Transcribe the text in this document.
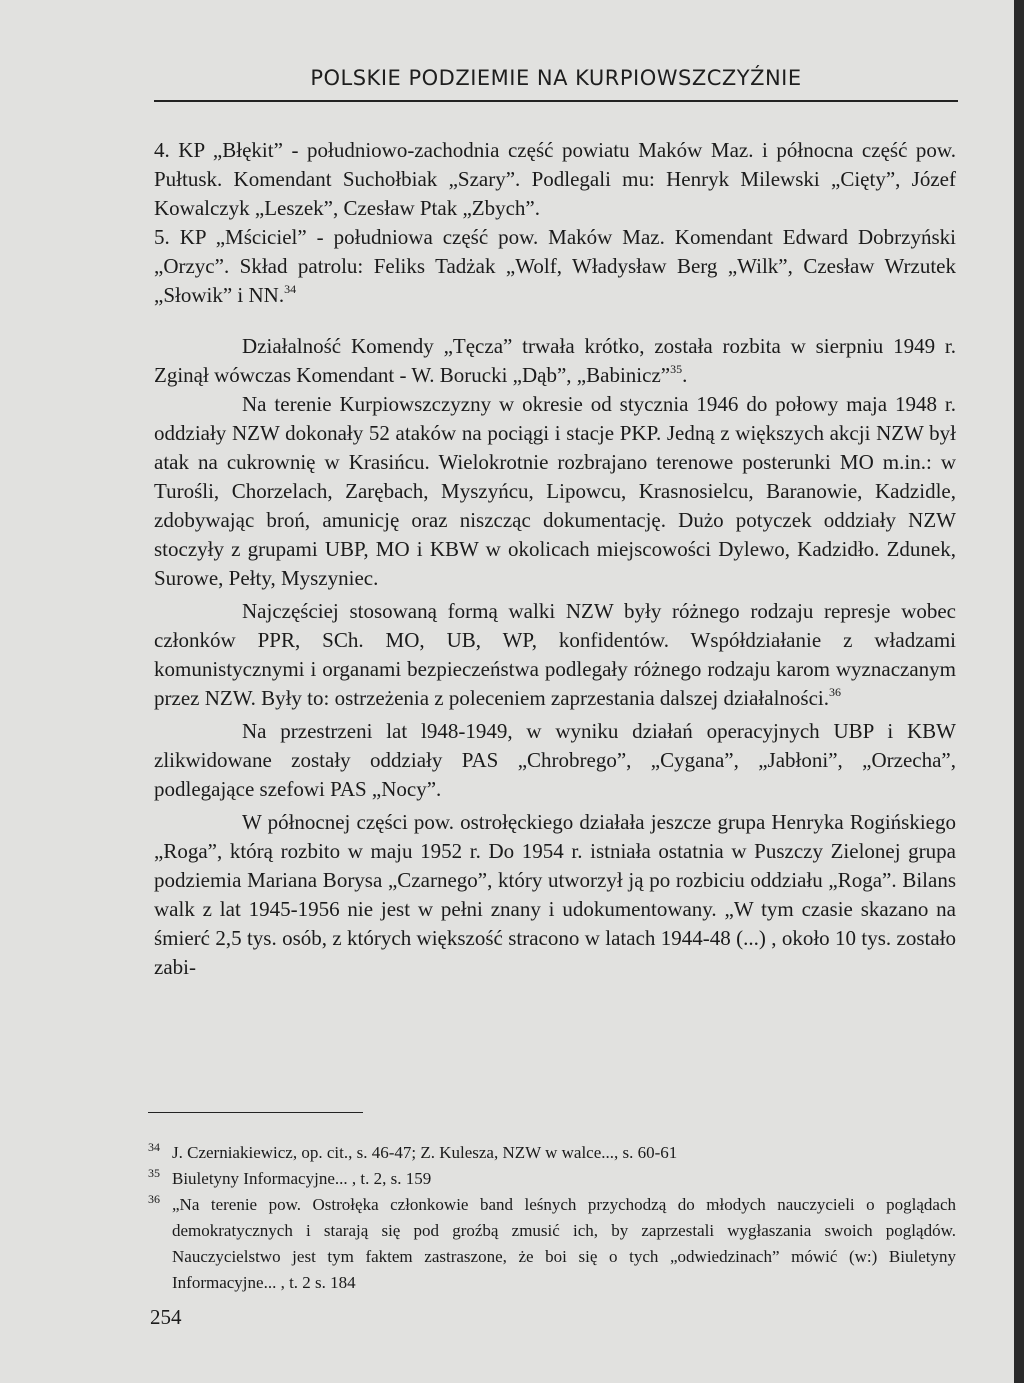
POLSKIE PODZIEMIE NA KURPIOWSZCZYŹNIE

4. KP „Błękit” - południowo-zachodnia część powiatu Maków Maz. i północna część pow. Pułtusk. Komendant Suchołbiak „Szary”. Podlegali mu: Henryk Milewski „Cięty”, Józef Kowalczyk „Leszek”, Czesław Ptak „Zbych”.

5. KP „Mściciel” - południowa część pow. Maków Maz. Komendant Edward Dobrzyński „Orzyc”. Skład patrolu: Feliks Tadżak „Wolf, Władysław Berg „Wilk”, Czesław Wrzutek „Słowik” i NN.$^{34}$

Działalność Komendy „Tęcza” trwała krótko, została rozbita w sierpniu 1949 r. Zginął wówczas Komendant - W. Borucki „Dąb”, „Babinicz”$^{35}$.

Na terenie Kurpiowszczyzny w okresie od stycznia 1946 do połowy maja 1948 r. oddziały NZW dokonały 52 ataków na pociągi i stacje PKP. Jedną z większych akcji NZW był atak na cukrownię w Krasińcu. Wielokrotnie rozbrajano terenowe posterunki MO m.in.: w Turośli, Chorzelach, Zarębach, Myszyńcu, Lipowcu, Krasnosielcu, Baranowie, Kadzidle, zdobywając broń, amunicję oraz niszcząc dokumentację. Dużo potyczek oddziały NZW stoczyły z grupami UBP, MO i KBW w okolicach miejscowości Dylewo, Kadzidło. Zdunek, Surowe, Pełty, Myszyniec.

Najczęściej stosowaną formą walki NZW były różnego rodzaju represje wobec członków PPR, SCh. MO, UB, WP, konfidentów. Współdziałanie z władzami komunistycznymi i organami bezpieczeństwa podlegały różnego rodzaju karom wyznaczanym przez NZW. Były to: ostrzeżenia z poleceniem zaprzestania dalszej działalności.$^{36}$

Na przestrzeni lat l948-1949, w wyniku działań operacyjnych UBP i KBW zlikwidowane zostały oddziały PAS „Chrobrego”, „Cygana”, „Jabłoni”, „Orzecha”, podlegające szefowi PAS „Nocy”.

W północnej części pow. ostrołęckiego działała jeszcze grupa Henryka Rogińskiego „Roga”, którą rozbito w maju 1952 r. Do 1954 r. istniała ostatnia w Puszczy Zielonej grupa podziemia Mariana Borysa „Czarnego”, który utworzył ją po rozbiciu oddziału „Roga”. Bilans walk z lat 1945-1956 nie jest w pełni znany i udokumentowany. „W tym czasie skazano na śmierć 2,5 tys. osób, z których większość stracono w latach 1944-48 (...) , około 10 tys. zostało zabi-

34 J. Czerniakiewicz, op. cit., s. 46-47; Z. Kulesza, NZW w walce..., s. 60-61

35 Biuletyny Informacyjne... , t. 2, s. 159

36 „Na terenie pow. Ostrołęka członkowie band leśnych przychodzą do młodych nauczycieli o poglądach demokratycznych i starają się pod groźbą zmusić ich, by zaprzestali wygłaszania swoich poglądów. Nauczycielstwo jest tym faktem zastraszone, że boi się o tych „odwiedzinach” mówić (w:) Biuletyny Informacyjne... , t. 2 s. 184

254
